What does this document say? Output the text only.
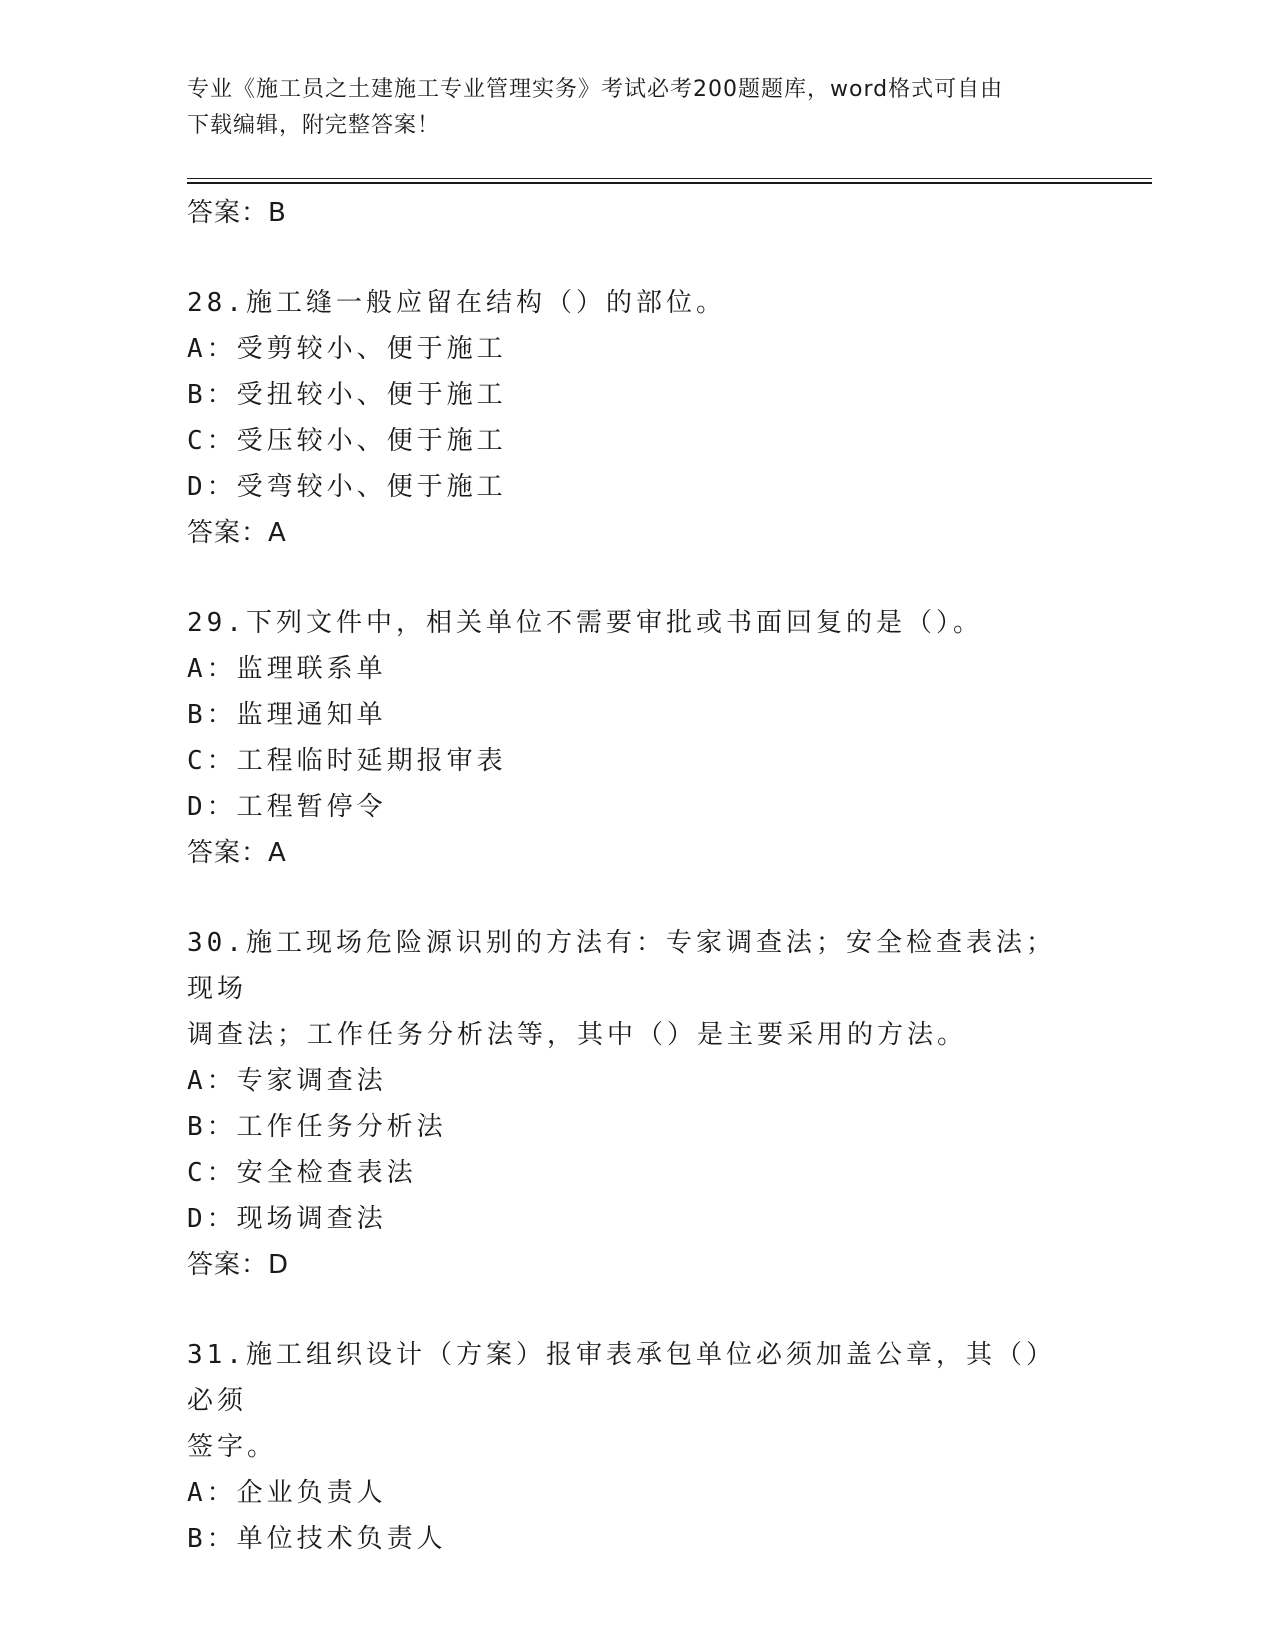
专业《施工员之土建施工专业管理实务》考试必考200题题库，word格式可自由
下载编辑，附完整答案！
答案：B
28.施工缝一般应留在结构（）的部位。
A：受剪较小、便于施工
B：受扭较小、便于施工
C：受压较小、便于施工
D：受弯较小、便于施工
答案：A
29.下列文件中，相关单位不需要审批或书面回复的是（）。
A：监理联系单
B：监理通知单
C：工程临时延期报审表
D：工程暂停令
答案：A
30.施工现场危险源识别的方法有：专家调查法；安全检查表法；现场
调查法；工作任务分析法等，其中（）是主要采用的方法。
A：专家调查法
B：工作任务分析法
C：安全检查表法
D：现场调查法
答案：D
31.施工组织设计（方案）报审表承包单位必须加盖公章，其（）必须
签字。
A：企业负责人
B：单位技术负责人
